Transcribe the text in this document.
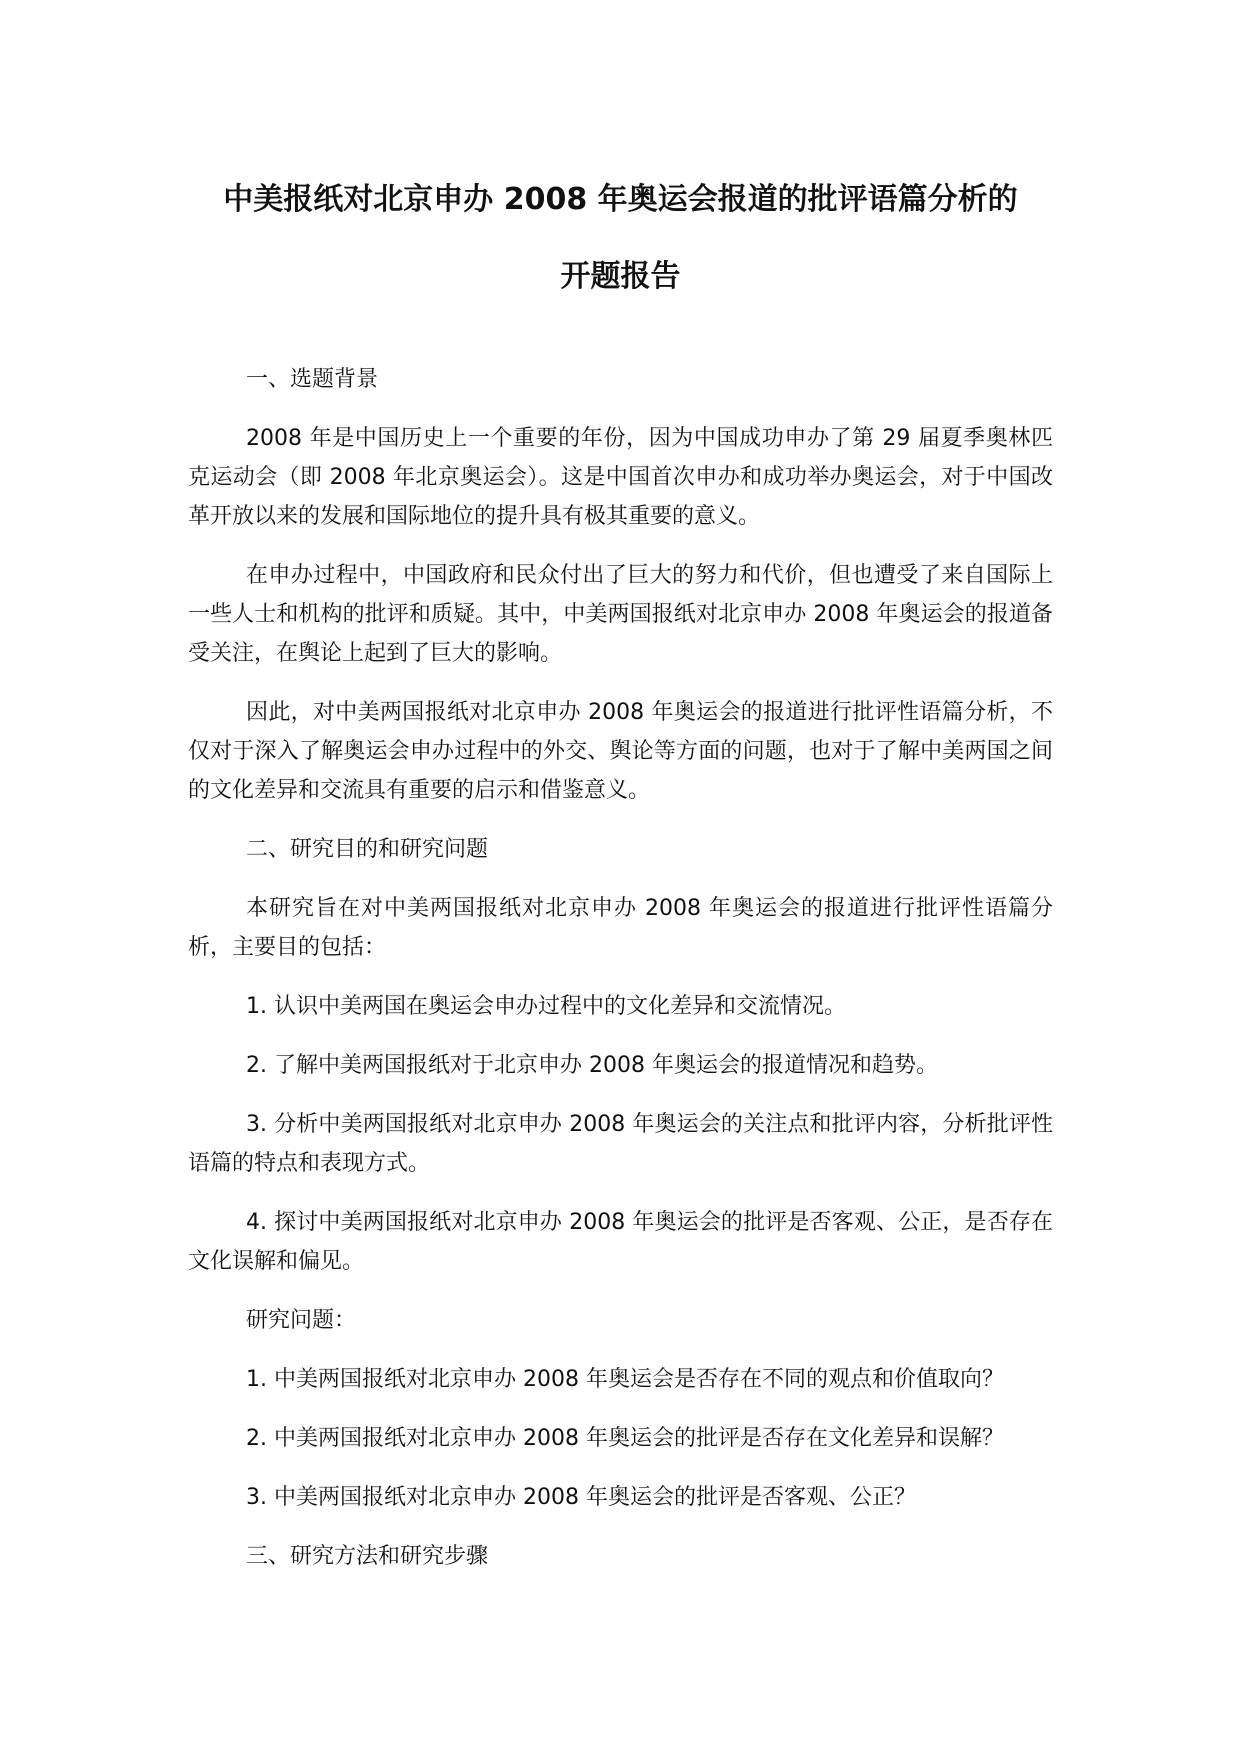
中美报纸对北京申办 2008 年奥运会报道的批评语篇分析的
开题报告

一、选题背景

2008 年是中国历史上一个重要的年份，因为中国成功申办了第 29 届夏季奥林匹克运动会（即 2008 年北京奥运会）。这是中国首次申办和成功举办奥运会，对于中国改革开放以来的发展和国际地位的提升具有极其重要的意义。

在申办过程中，中国政府和民众付出了巨大的努力和代价，但也遭受了来自国际上一些人士和机构的批评和质疑。其中，中美两国报纸对北京申办 2008 年奥运会的报道备受关注，在舆论上起到了巨大的影响。

因此，对中美两国报纸对北京申办 2008 年奥运会的报道进行批评性语篇分析，不仅对于深入了解奥运会申办过程中的外交、舆论等方面的问题，也对于了解中美两国之间的文化差异和交流具有重要的启示和借鉴意义。

二、研究目的和研究问题

本研究旨在对中美两国报纸对北京申办 2008 年奥运会的报道进行批评性语篇分析，主要目的包括：

1. 认识中美两国在奥运会申办过程中的文化差异和交流情况。

2. 了解中美两国报纸对于北京申办 2008 年奥运会的报道情况和趋势。

3. 分析中美两国报纸对北京申办 2008 年奥运会的关注点和批评内容，分析批评性语篇的特点和表现方式。

4. 探讨中美两国报纸对北京申办 2008 年奥运会的批评是否客观、公正，是否存在文化误解和偏见。

研究问题：

1. 中美两国报纸对北京申办 2008 年奥运会是否存在不同的观点和价值取向？

2. 中美两国报纸对北京申办 2008 年奥运会的批评是否存在文化差异和误解？

3. 中美两国报纸对北京申办 2008 年奥运会的批评是否客观、公正？

三、研究方法和研究步骤
